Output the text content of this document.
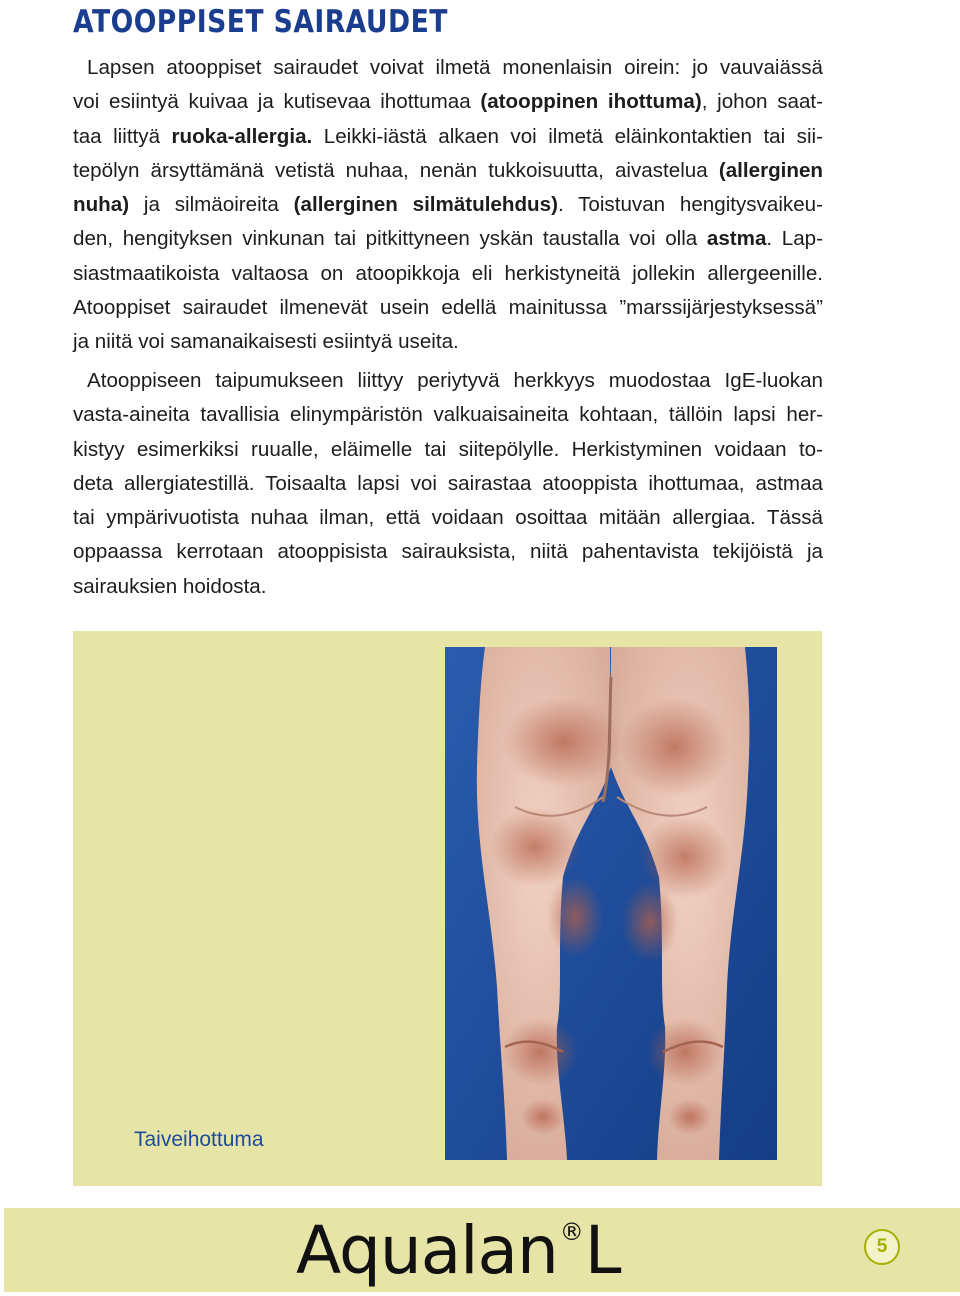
ATOOPPISET SAIRAUDET
Lapsen atooppiset sairaudet voivat ilmetä monenlaisin oirein: jo vauvaiässä
voi esiintyä kuivaa ja kutisevaa ihottumaa (atooppinen ihottuma), johon saat-
taa liittyä ruoka-allergia. Leikki-iästä alkaen voi ilmetä eläinkontaktien tai sii-
tepölyn ärsyttämänä vetistä nuhaa, nenän tukkoisuutta, aivastelua (allerginen
nuha) ja silmäoireita (allerginen silmätulehdus). Toistuvan hengitysvaikeu-
den, hengityksen vinkunan tai pitkittyneen yskän taustalla voi olla astma. Lap-
siastmaatikoista valtaosa on atoopikkoja eli herkistyneitä jollekin allergeenille.
Atooppiset sairaudet ilmenevät usein edellä mainitussa ”marssijärjestyksessä”
ja niitä voi samanaikaisesti esiintyä useita.
Atooppiseen taipumukseen liittyy periytyvä herkkyys muodostaa IgE-luokan
vasta-aineita tavallisia elinympäristön valkuaisaineita kohtaan, tällöin lapsi her-
kistyy esimerkiksi ruualle, eläimelle tai siitepölylle. Herkistyminen voidaan to-
deta allergiatestillä. Toisaalta lapsi voi sairastaa atooppista ihottumaa, astmaa
tai ympärivuotista nuhaa ilman, että voidaan osoittaa mitään allergiaa. Tässä
oppaassa kerrotaan atooppisista sairauksista, niitä pahentavista tekijöistä ja
sairauksien hoidosta.
Taiveihottuma
Aqualan ® L	5
